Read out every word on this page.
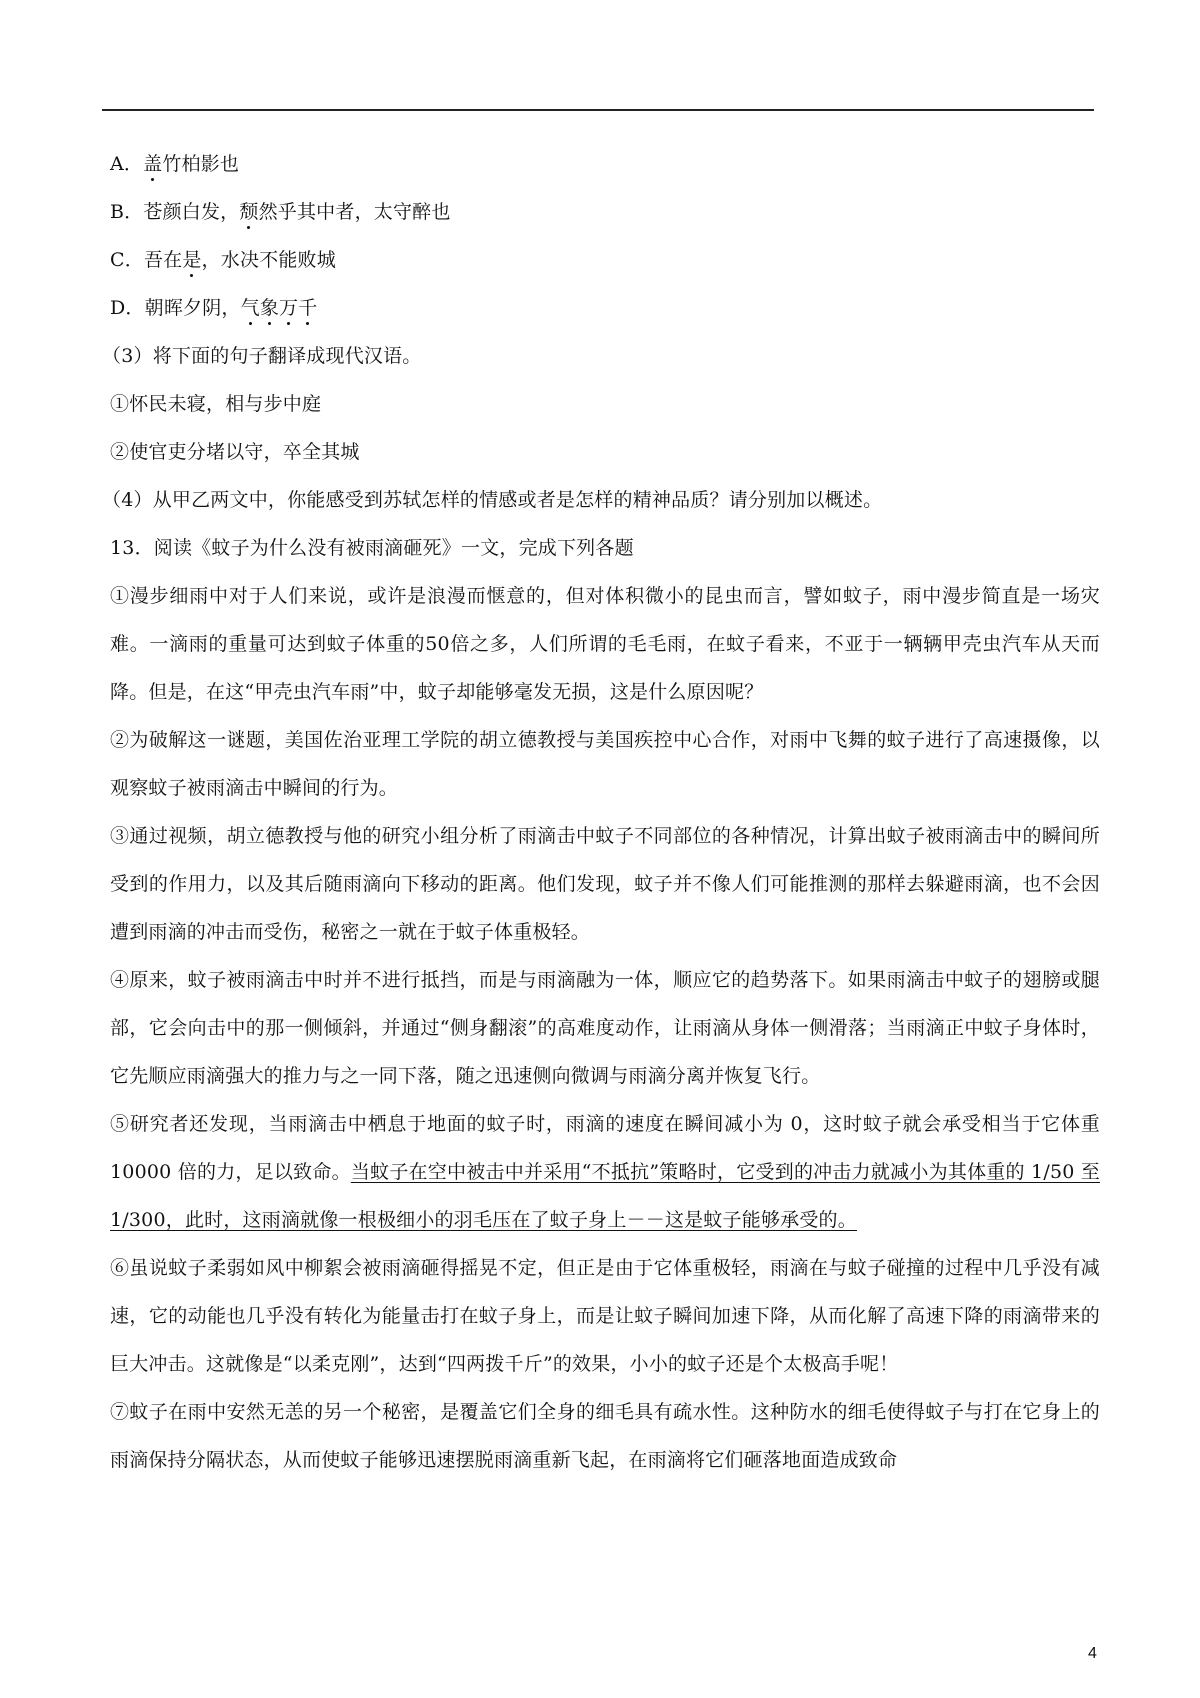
A．盖竹柏影也
B．苍颜白发，颓然乎其中者，太守醉也
C．吾在是，水决不能败城
D．朝晖夕阴，气象万千
（3）将下面的句子翻译成现代汉语。
①怀民未寝，相与步中庭
②使官吏分堵以守，卒全其城
（4）从甲乙两文中，你能感受到苏轼怎样的情感或者是怎样的精神品质？请分别加以概述。
13．阅读《蚊子为什么没有被雨滴砸死》一文，完成下列各题
①漫步细雨中对于人们来说，或许是浪漫而惬意的，但对体积微小的昆虫而言，譬如蚊子，雨中漫步简直是一场灾难。一滴雨的重量可达到蚊子体重的50倍之多，人们所谓的毛毛雨，在蚊子看来，不亚于一辆辆甲壳虫汽车从天而降。但是，在这“甲壳虫汽车雨”中，蚊子却能够毫发无损，这是什么原因呢？
②为破解这一谜题，美国佐治亚理工学院的胡立德教授与美国疾控中心合作，对雨中飞舞的蚊子进行了高速摄像，以观察蚊子被雨滴击中瞬间的行为。
③通过视频，胡立德教授与他的研究小组分析了雨滴击中蚊子不同部位的各种情况，计算出蚊子被雨滴击中的瞬间所受到的作用力，以及其后随雨滴向下移动的距离。他们发现，蚊子并不像人们可能推测的那样去躲避雨滴，也不会因遭到雨滴的冲击而受伤，秘密之一就在于蚊子体重极轻。
④原来，蚊子被雨滴击中时并不进行抵挡，而是与雨滴融为一体，顺应它的趋势落下。如果雨滴击中蚊子的翅膀或腿部，它会向击中的那一侧倾斜，并通过“侧身翻滚”的高难度动作，让雨滴从身体一侧滑落；当雨滴正中蚊子身体时，它先顺应雨滴强大的推力与之一同下落，随之迅速侧向微调与雨滴分离并恢复飞行。
⑤研究者还发现，当雨滴击中栖息于地面的蚊子时，雨滴的速度在瞬间减小为 0，这时蚊子就会承受相当于它体重 10000 倍的力，足以致命。当蚊子在空中被击中并采用“不抵抗”策略时，它受到的冲击力就减小为其体重的 1/50 至 1/300，此时，这雨滴就像一根极细小的羽毛压在了蚊子身上－－这是蚊子能够承受的。
⑥虽说蚊子柔弱如风中柳絮会被雨滴砸得摇晃不定，但正是由于它体重极轻，雨滴在与蚊子碰撞的过程中几乎没有减速，它的动能也几乎没有转化为能量击打在蚊子身上，而是让蚊子瞬间加速下降，从而化解了高速下降的雨滴带来的巨大冲击。这就像是“以柔克刚”，达到“四两拨千斤”的效果，小小的蚊子还是个太极高手呢！
⑦蚊子在雨中安然无恙的另一个秘密，是覆盖它们全身的细毛具有疏水性。这种防水的细毛使得蚊子与打在它身上的雨滴保持分隔状态，从而使蚊子能够迅速摆脱雨滴重新飞起，在雨滴将它们砸落地面造成致命
4
